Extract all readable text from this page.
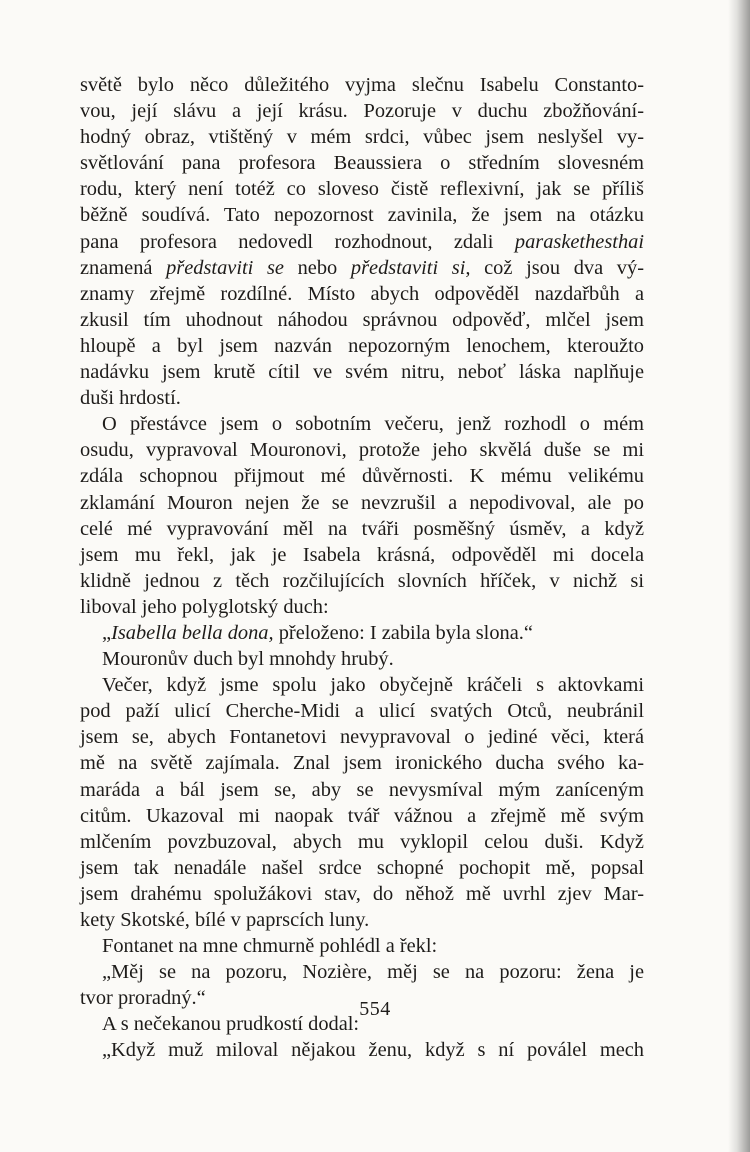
světě bylo něco důležitého vyjma slečnu Isabelu Constanto-
vou, její slávu a její krásu. Pozoruje v duchu zbožňování-
hodný obraz, vtištěný v mém srdci, vůbec jsem neslyšel vy-
světlování pana profesora Beaussiera o středním slovesném
rodu, který není totéž co sloveso čistě reflexivní, jak se příliš
běžně soudívá. Tato nepozornost zavinila, že jsem na otázku
pana profesora nedovedl rozhodnout, zdali paraskethesthai
znamená představiti se nebo představiti si, což jsou dva vý-
znamy zřejmě rozdílné. Místo abych odpověděl nazdařbůh a
zkusil tím uhodnout náhodou správnou odpověď, mlčel jsem
hloupě a byl jsem nazván nepozorným lenochem, kteroužto
nadávku jsem krutě cítil ve svém nitru, neboť láska naplňuje
duši hrdostí.
O přestávce jsem o sobotním večeru, jenž rozhodl o mém
osudu, vypravoval Mouronovi, protože jeho skvělá duše se mi
zdála schopnou přijmout mé důvěrnosti. K mému velikému
zklamání Mouron nejen že se nevzrušil a nepodivoval, ale po
celé mé vypravování měl na tváři posměšný úsměv, a když
jsem mu řekl, jak je Isabela krásná, odpověděl mi docela
klidně jednou z těch rozčilujících slovních hříček, v nichž si
liboval jeho polyglotský duch:
„Isabella bella dona, přeloženo: I zabila byla slona.“
Mouronův duch byl mnohdy hrubý.
Večer, když jsme spolu jako obyčejně kráčeli s aktovkami
pod paží ulicí Cherche-Midi a ulicí svatých Otců, neubránil
jsem se, abych Fontanetovi nevypravoval o jediné věci, která
mě na světě zajímala. Znal jsem ironického ducha svého ka-
maráda a bál jsem se, aby se nevysmíval mým zaníceným
citům. Ukazoval mi naopak tvář vážnou a zřejmě mě svým
mlčením povzbuzoval, abych mu vyklopil celou duši. Když
jsem tak nenadále našel srdce schopné pochopit mě, popsal
jsem drahému spolužákovi stav, do něhož mě uvrhl zjev Mar-
kety Skotské, bílé v paprscích luny.
Fontanet na mne chmurně pohlédl a řekl:
„Měj se na pozoru, Nozière, měj se na pozoru: žena je
tvor proradný.“
A s nečekanou prudkostí dodal:
„Když muž miloval nějakou ženu, když s ní poválel mech
554
